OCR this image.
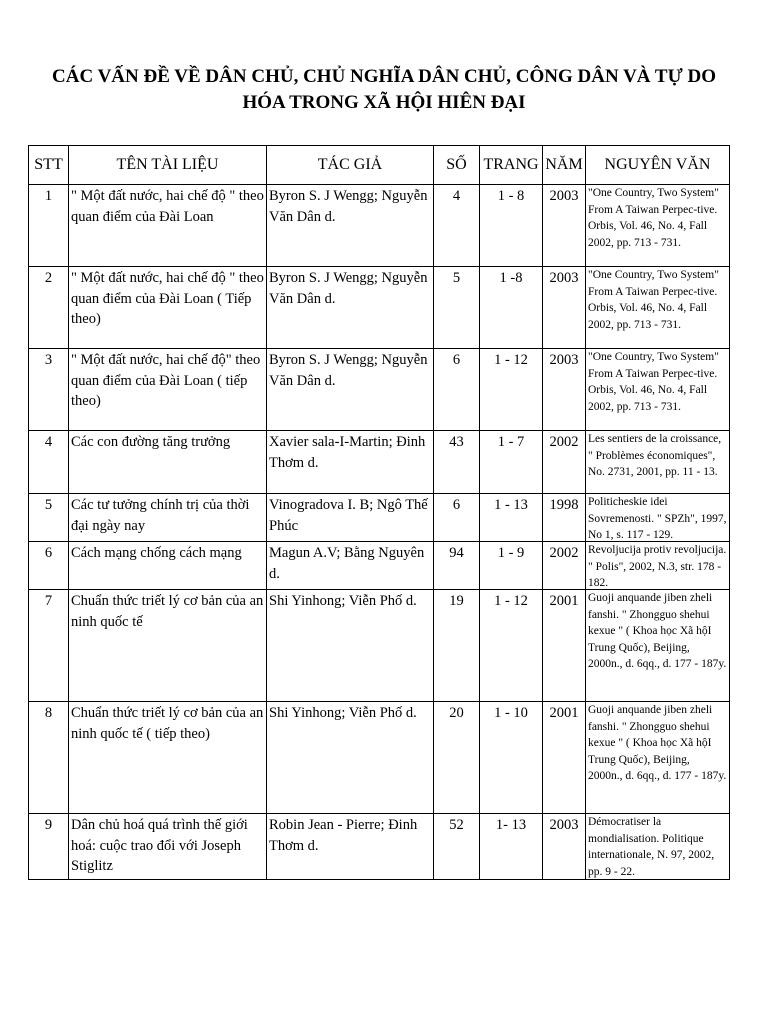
CÁC VẤN ĐỀ VỀ DÂN CHỦ, CHỦ NGHĨA DÂN CHỦ, CÔNG DÂN VÀ TỰ DO HÓA TRONG XÃ HỘI HIÊN ĐẠI
STT	TÊN TÀI LIỆU	TÁC GIẢ	SỐ	TRANG	NĂM	NGUYÊN VĂN
1	" Một đất nước, hai chế độ " theo quan điểm của Đài Loan	Byron S. J Wengg; Nguyễn Văn Dân d.	4	1 - 8	2003	"One Country, Two System" From A Taiwan Perpec-tive. Orbis, Vol. 46, No. 4, Fall 2002, pp. 713 - 731.

2	" Một đất nước, hai chế độ " theo quan điểm của Đài Loan ( Tiếp theo)	Byron S. J Wengg; Nguyễn Văn Dân d.	5	1 -8	2003	"One Country, Two System" From A Taiwan Perpec-tive. Orbis, Vol. 46, No. 4, Fall 2002, pp. 713 - 731.

3	" Một đất nước, hai chế độ" theo quan điểm của Đài Loan ( tiếp theo)	Byron S. J Wengg; Nguyễn Văn Dân d.	6	1 - 12	2003	"One Country, Two System" From A Taiwan Perpec-tive. Orbis, Vol. 46, No. 4, Fall 2002, pp. 713 - 731.

4	Các con đường tăng trưởng	Xavier sala-I-Martin; Đinh Thơm d.	43	1 - 7	2002	Les sentiers de la croissance, " Problèmes économiques", No. 2731, 2001, pp. 11 - 13.

5	Các tư tưởng chính trị của thời đại ngày nay	Vinogradova I. B; Ngô Thế Phúc	6	1 - 13	1998	Politicheskie idei Sovremenosti. " SPZh", 1997, No 1, s. 117 - 129.

6	Cách mạng chống cách mạng	Magun A.V; Bằng Nguyên d.	94	1 - 9	2002	Revoljucija protiv revoljucija. " Polis", 2002, N.3, str. 178 - 182.

7	Chuẩn thức triết lý cơ bản của an ninh quốc tế	Shi Yinhong; Viễn Phố d.	19	1 - 12	2001	Guoji anquande jiben zheli fanshi. " Zhongguo shehui kexue " ( Khoa học Xã hộI Trung Quốc), Beijing, 2000n., d. 6qq., d. 177 - 187y.

8	Chuẩn thức triết lý cơ bản của an ninh quốc tế ( tiếp theo)	Shi Yinhong; Viễn Phố d.	20	1 - 10	2001	Guoji anquande jiben zheli fanshi. " Zhongguo shehui kexue " ( Khoa học Xã hộI Trung Quốc), Beijing, 2000n., d. 6qq., d. 177 - 187y.

9	Dân chủ hoá quá trình thế giới hoá: cuộc trao đổi với Joseph Stiglitz	Robin Jean - Pierre; Đinh Thơm d.	52	1- 13	2003	Démocratiser la mondialisation. Politique internationale, N. 97, 2002, pp. 9 - 22.
